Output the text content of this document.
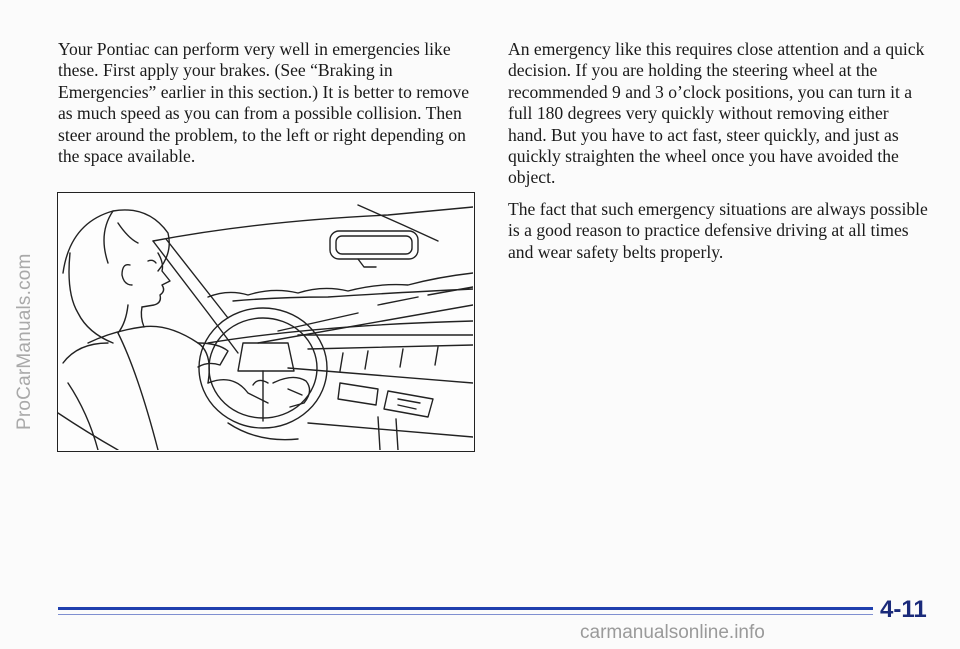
ProCarManuals.com

Your Pontiac can perform very well in emergencies like these. First apply your brakes. (See “Braking in Emergencies” earlier in this section.) It is better to remove as much speed as you can from a possible collision. Then steer around the problem, to the left or right depending on the space available.

An emergency like this requires close attention and a quick decision. If you are holding the steering wheel at the recommended 9 and 3 o’clock positions, you can turn it a full 180 degrees very quickly without removing either hand. But you have to act fast, steer quickly, and just as quickly straighten the wheel once you have avoided the object.

The fact that such emergency situations are always possible is a good reason to practice defensive driving at all times and wear safety belts properly.

4-11
carmanualsonline.info
